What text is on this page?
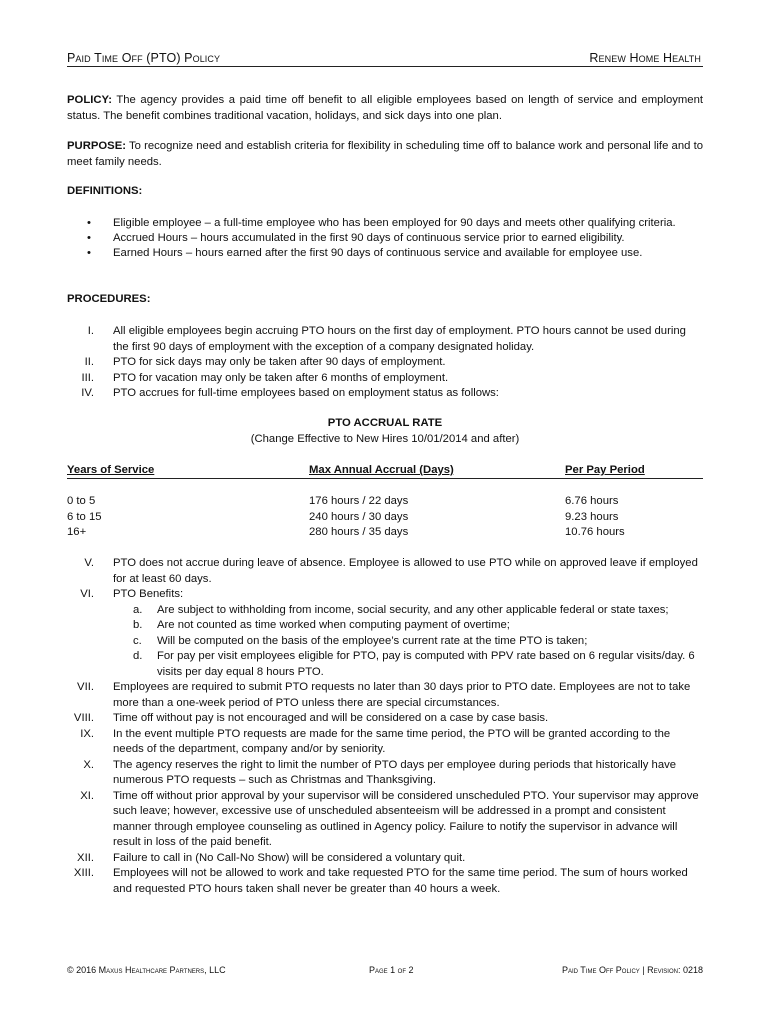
Paid Time Off (PTO) Policy	Renew Home Health

POLICY: The agency provides a paid time off benefit to all eligible employees based on length of service and employment status. The benefit combines traditional vacation, holidays, and sick days into one plan.

PURPOSE: To recognize need and establish criteria for flexibility in scheduling time off to balance work and personal life and to meet family needs.

DEFINITIONS:
• Eligible employee – a full-time employee who has been employed for 90 days and meets other qualifying criteria.
• Accrued Hours – hours accumulated in the first 90 days of continuous service prior to earned eligibility.
• Earned Hours – hours earned after the first 90 days of continuous service and available for employee use.
PROCEDURES:
I. All eligible employees begin accruing PTO hours on the first day of employment. PTO hours cannot be used during the first 90 days of employment with the exception of a company designated holiday.
II. PTO for sick days may only be taken after 90 days of employment.
III. PTO for vacation may only be taken after 6 months of employment.
IV. PTO accrues for full-time employees based on employment status as follows:
PTO ACCRUAL RATE
(Change Effective to New Hires 10/01/2014 and after)
Years of Service	Max Annual Accrual (Days)	Per Pay Period

0 to 5	176 hours / 22 days	6.76 hours
6 to 15	240 hours / 30 days	9.23 hours
16+	280 hours / 35 days	10.76 hours
V. PTO does not accrue during leave of absence. Employee is allowed to use PTO while on approved leave if employed for at least 60 days.
VI. PTO Benefits:
a. Are subject to withholding from income, social security, and any other applicable federal or state taxes;
b. Are not counted as time worked when computing payment of overtime;
c. Will be computed on the basis of the employee’s current rate at the time PTO is taken;
d. For pay per visit employees eligible for PTO, pay is computed with PPV rate based on 6 regular visits/day. 6 visits per day equal 8 hours PTO.
VII. Employees are required to submit PTO requests no later than 30 days prior to PTO date. Employees are not to take more than a one-week period of PTO unless there are special circumstances.
VIII. Time off without pay is not encouraged and will be considered on a case by case basis.
IX. In the event multiple PTO requests are made for the same time period, the PTO will be granted according to the needs of the department, company and/or by seniority.
X. The agency reserves the right to limit the number of PTO days per employee during periods that historically have numerous PTO requests – such as Christmas and Thanksgiving.
XI. Time off without prior approval by your supervisor will be considered unscheduled PTO. Your supervisor may approve such leave; however, excessive use of unscheduled absenteeism will be addressed in a prompt and consistent manner through employee counseling as outlined in Agency policy. Failure to notify the supervisor in advance will result in loss of the paid benefit.
XII. Failure to call in (No Call-No Show) will be considered a voluntary quit.
XIII. Employees will not be allowed to work and take requested PTO for the same time period. The sum of hours worked and requested PTO hours taken shall never be greater than 40 hours a week.
© 2016 Maxus Healthcare Partners, LLC	Page 1 of 2	Paid Time Off Policy | Revision: 0218
